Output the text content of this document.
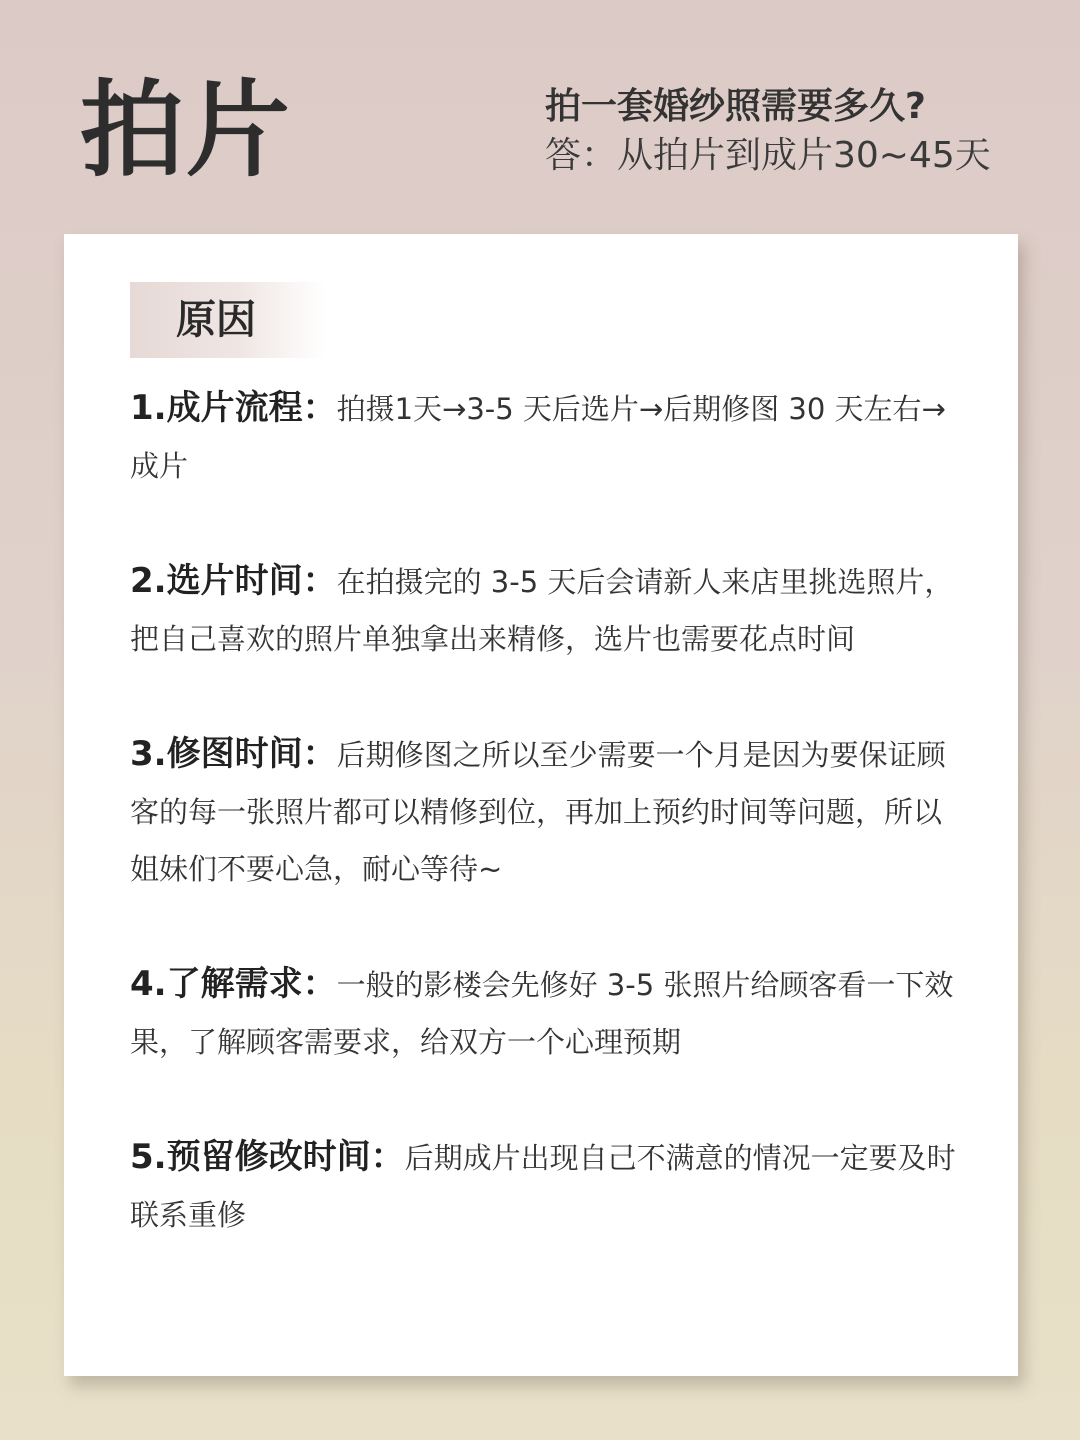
拍片	拍一套婚纱照需要多久?
答：从拍片到成片30~45天
原因
1.成片流程：拍摄1天→3-5 天后选片→后期修图 30 天左右→成片
2.选片时间：在拍摄完的 3-5 天后会请新人来店里挑选照片，把自己喜欢的照片单独拿出来精修，选片也需要花点时间
3.修图时间：后期修图之所以至少需要一个月是因为要保证顾客的每一张照片都可以精修到位，再加上预约时间等问题，所以姐妹们不要心急，耐心等待~
4.了解需求：一般的影楼会先修好 3-5 张照片给顾客看一下效果，了解顾客需要求，给双方一个心理预期
5.预留修改时间：后期成片出现自己不满意的情况一定要及时联系重修
